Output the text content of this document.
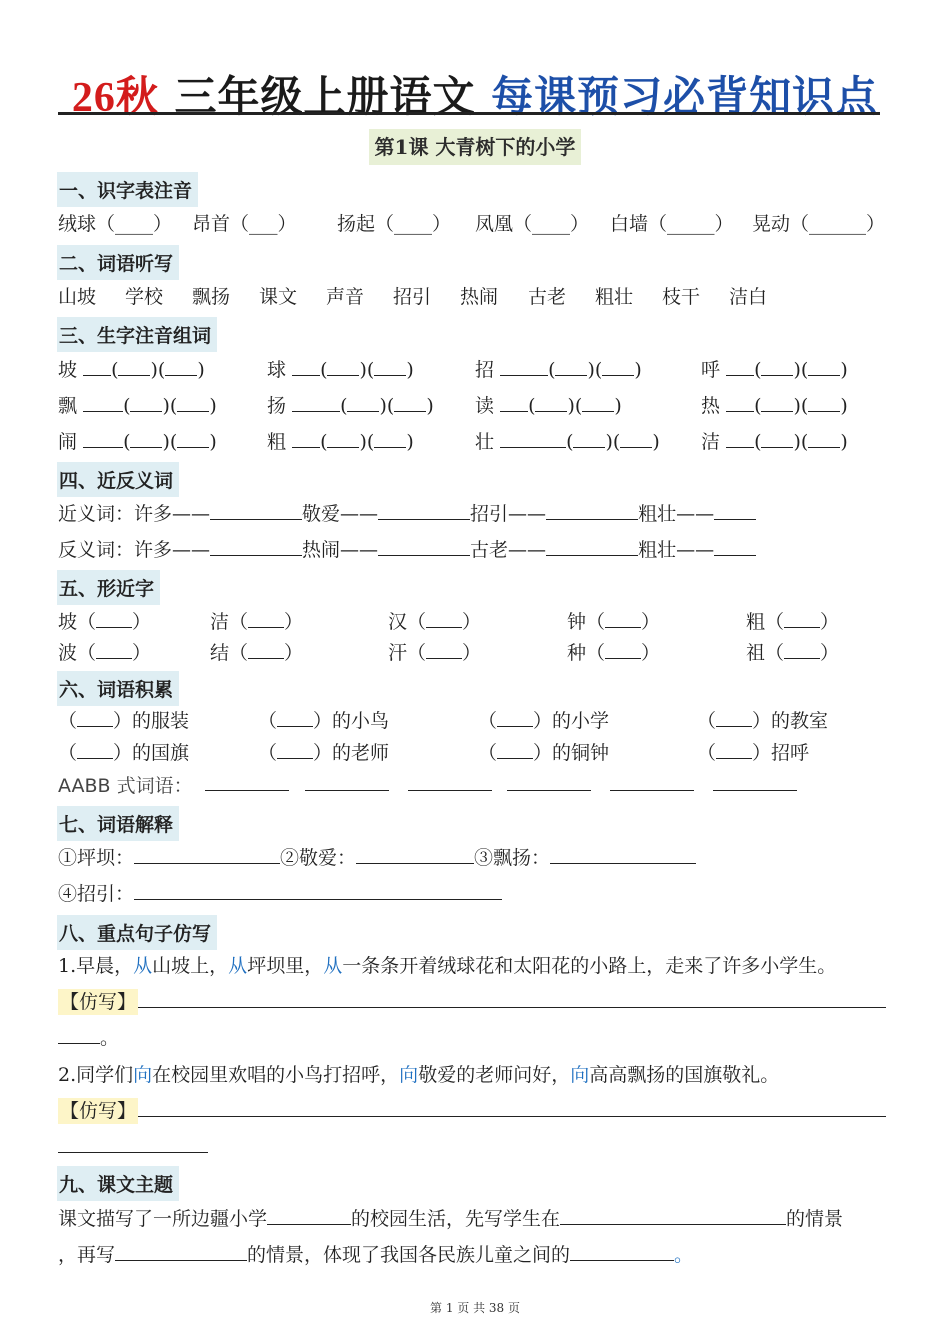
26秋 三年级上册语文 每课预习必背知识点
第1课 大青树下的小学
一、识字表注音
绒球（____） 昂首（___） 扬起（____） 凤凰（____） 白墙（_____） 晃动（______）
二、词语听写
山坡 学校 飘扬 课文 声音 招引 热闹 古老 粗壮 枝干 洁白
三、生字注音组词
坡 ( )( )	球 ( )( )	招	( )( )	呼 ( )( )
飘 ( )( )	扬	( )( ) 读 ( )( )	热 ( )( )
闹 ( )( )	粗 ( )( )	壮	( )( ) 洁 ( )( )
四、近反义词
近义词：许多——	敬爱——	招引——	粗壮——
反义词：许多——	热闹——	古老——	粗壮——
五、形近字
坡（ ）	洁（ ）	汉（ ）	钟（ ）	粗（ ）
波（ ）	结（ ）	汗（ ）	种（ ）	祖（ ）
六、词语积累
（ ）的服装	（ ）的小鸟	（ ）的小学	（ ）的教室
（ ）的国旗	（ ）的老师	（ ）的铜钟	（ ）招呼
AABB 式词语：
七、词语解释
①坪坝：	②敬爱：	③飘扬：
④招引：
八、重点句子仿写
1.早晨，从山坡上，从坪坝里，从一条条开着绒球花和太阳花的小路上，走来了许多小学生。
【仿写】
。
2.同学们向在校园里欢唱的小鸟打招呼，向敬爱的老师问好，向高高飘扬的国旗敬礼。
【仿写】
九、课文主题
课文描写了一所边疆小学	的校园生活，先写学生在	的情景
，再写	的情景，体现了我国各民族儿童之间的	。
第 1 页 共 38 页
